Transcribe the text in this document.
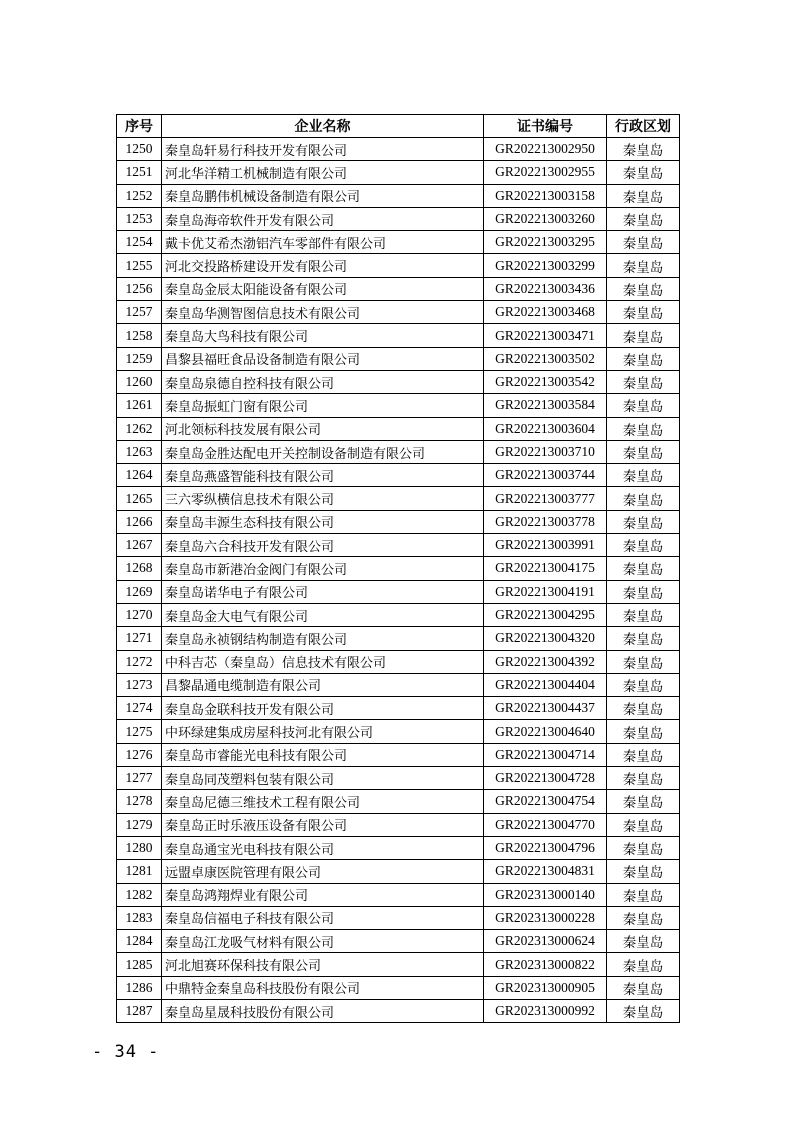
序号	企业名称	证书编号	行政区划
1250	秦皇岛轩易行科技开发有限公司	GR202213002950	秦皇岛
1251	河北华洋精工机械制造有限公司	GR202213002955	秦皇岛
1252	秦皇岛鹏伟机械设备制造有限公司	GR202213003158	秦皇岛
1253	秦皇岛海帝软件开发有限公司	GR202213003260	秦皇岛
1254	戴卡优艾希杰渤铝汽车零部件有限公司	GR202213003295	秦皇岛
1255	河北交投路桥建设开发有限公司	GR202213003299	秦皇岛
1256	秦皇岛金辰太阳能设备有限公司	GR202213003436	秦皇岛
1257	秦皇岛华测智图信息技术有限公司	GR202213003468	秦皇岛
1258	秦皇岛大鸟科技有限公司	GR202213003471	秦皇岛
1259	昌黎县福旺食品设备制造有限公司	GR202213003502	秦皇岛
1260	秦皇岛泉德自控科技有限公司	GR202213003542	秦皇岛
1261	秦皇岛振虹门窗有限公司	GR202213003584	秦皇岛
1262	河北领标科技发展有限公司	GR202213003604	秦皇岛
1263	秦皇岛金胜达配电开关控制设备制造有限公司	GR202213003710	秦皇岛
1264	秦皇岛燕盛智能科技有限公司	GR202213003744	秦皇岛
1265	三六零纵横信息技术有限公司	GR202213003777	秦皇岛
1266	秦皇岛丰源生态科技有限公司	GR202213003778	秦皇岛
1267	秦皇岛六合科技开发有限公司	GR202213003991	秦皇岛
1268	秦皇岛市新港冶金阀门有限公司	GR202213004175	秦皇岛
1269	秦皇岛诺华电子有限公司	GR202213004191	秦皇岛
1270	秦皇岛金大电气有限公司	GR202213004295	秦皇岛
1271	秦皇岛永祯钢结构制造有限公司	GR202213004320	秦皇岛
1272	中科吉芯（秦皇岛）信息技术有限公司	GR202213004392	秦皇岛
1273	昌黎晶通电缆制造有限公司	GR202213004404	秦皇岛
1274	秦皇岛金联科技开发有限公司	GR202213004437	秦皇岛
1275	中环绿建集成房屋科技河北有限公司	GR202213004640	秦皇岛
1276	秦皇岛市睿能光电科技有限公司	GR202213004714	秦皇岛
1277	秦皇岛同茂塑料包装有限公司	GR202213004728	秦皇岛
1278	秦皇岛尼德三维技术工程有限公司	GR202213004754	秦皇岛
1279	秦皇岛正时乐液压设备有限公司	GR202213004770	秦皇岛
1280	秦皇岛通宝光电科技有限公司	GR202213004796	秦皇岛
1281	远盟卓康医院管理有限公司	GR202213004831	秦皇岛
1282	秦皇岛鸿翔焊业有限公司	GR202313000140	秦皇岛
1283	秦皇岛信福电子科技有限公司	GR202313000228	秦皇岛
1284	秦皇岛江龙吸气材料有限公司	GR202313000624	秦皇岛
1285	河北旭赛环保科技有限公司	GR202313000822	秦皇岛
1286	中鼎特金秦皇岛科技股份有限公司	GR202313000905	秦皇岛
1287	秦皇岛星晟科技股份有限公司	GR202313000992	秦皇岛
- 34 -
